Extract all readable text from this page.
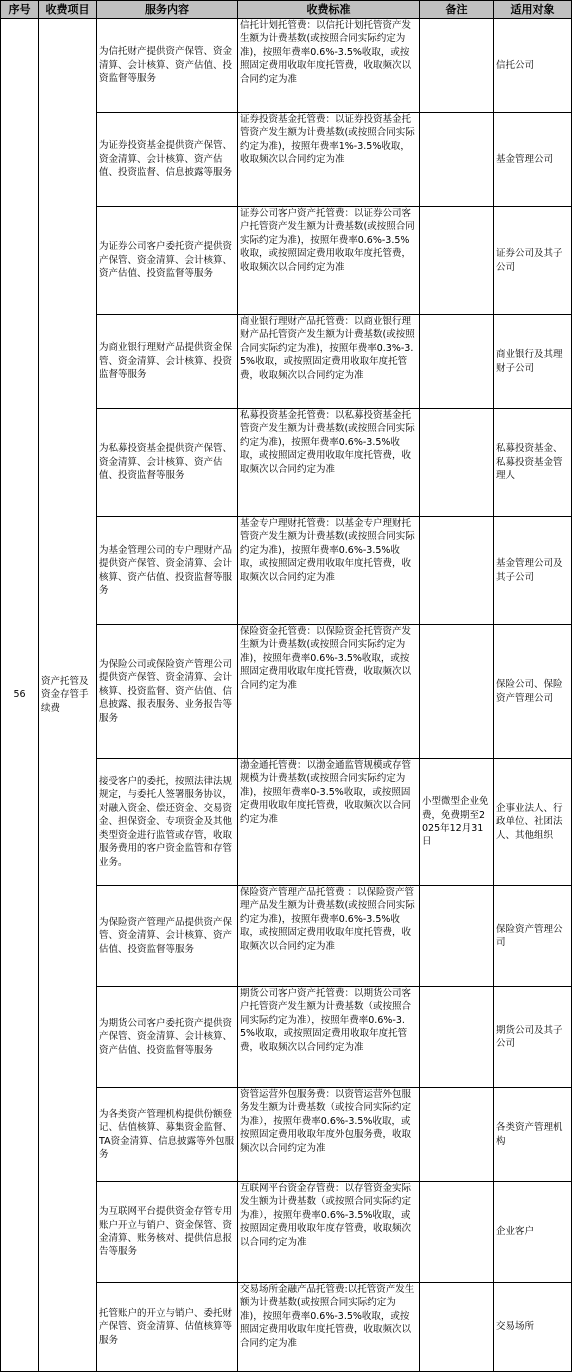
序号	收费项目	服务内容	收费标准	备注	适用对象
56	资产托管及资金存管手续费	为信托财产提供资产保管、资金清算、会计核算、资产估值、投资监督等服务	信托计划托管费：以信托计划托管资产发生额为计费基数(或按照合同实际约定为准)，按照年费率0.6%-3.5%收取，或按照固定费用收取年度托管费，收取频次以合同约定为准		信托公司
		为证券投资基金提供资产保管、资金清算、会计核算、资产估值、投资监督、信息披露等服务	证券投资基金托管费：以证券投资基金托管资产发生额为计费基数(或按照合同实际约定为准)，按照年费率1%-3.5%收取，收取频次以合同约定为准		基金管理公司
		为证券公司客户委托资产提供资产保管、资金清算、会计核算、资产估值、投资监督等服务	证券公司客户资产托管费：以证券公司客户托管资产发生额为计费基数(或按照合同实际约定为准)，按照年费率0.6%-3.5%收取，或按照固定费用收取年度托管费，收取频次以合同约定为准		证券公司及其子公司
		为商业银行理财产品提供资金保管、资金清算、会计核算、投资监督等服务	商业银行理财产品托管费：以商业银行理财产品托管资产发生额为计费基数(或按照合同实际约定为准)，按照年费率0.3%-3.5%收取，或按照固定费用收取年度托管费，收取频次以合同约定为准		商业银行及其理财子公司
		为私募投资基金提供资产保管、资金清算、会计核算、资产估值、投资监督等服务	私募投资基金托管费：以私募投资基金托管资产发生额为计费基数(或按照合同实际约定为准)，按照年费率0.6%-3.5%收取，或按照固定费用收取年度托管费，收取频次以合同约定为准		私募投资基金、私募投资基金管理人
		为基金管理公司的专户理财产品提供资产保管、资金清算、会计核算、资产估值、投资监督等服务	基金专户理财托管费：以基金专户理财托管资产发生额为计费基数(或按照合同实际约定为准)，按照年费率0.6%-3.5%收取，或按照固定费用收取年度托管费，收取频次以合同约定为准		基金管理公司及其子公司
		为保险公司或保险资产管理公司提供资产保管、资金清算、会计核算、投资监督、资产估值、信息披露、报表服务、业务报告等服务	保险资金托管费：以保险资金托管资产发生额为计费基数(或按照合同实际约定为准)，按照年费率0.6%-3.5%收取，或按照固定费用收取年度托管费，收取频次以合同约定为准		保险公司、保险资产管理公司
		接受客户的委托，按照法律法规规定，与委托人签署服务协议，对融入资金、偿还资金、交易资金、担保资金、专项资金及其他类型资金进行监管或存管，收取服务费用的客户资金监管和存管业务。	渤金通托管费：以渤金通监管规模或存管规模为计费基数(或按照合同实际约定为准)，按照年费率0-3.5%收取，或按照固定费用收取年度托管费，收取频次以合同约定为准	小型微型企业免费，免费期至2025年12月31日	企事业法人、行政单位、社团法人、其他组织
		为保险资产管理产品提供资产保管、资金清算、会计核算、资产估值、投资监督等服务	保险资产管理产品托管费 ：以保险资产管理产品发生额为计费基数(或按照合同实际约定为准)，按照年费率0.6%-3.5%收取，或按照固定费用收取年度托管费，收取频次以合同约定为准		保险资产管理公司
		为期货公司客户委托资产提供资产保管、资金清算、会计核算、资产估值、投资监督等服务	期货公司客户资产托管费：以期货公司客户托管资产发生额为计费基数（或按照合同实际约定为准），按照年费率0.6%-3.5%收取，或按照固定费用收取年度托管费，收取频次以合同约定为准		期货公司及其子公司
		为各类资产管理机构提供份额登记、估值核算、募集资金监督、TA资金清算、信息披露等外包服务	资管运营外包服务费：以资管运营外包服务发生额为计费基数（或按合同实际约定为准），按照年费率0.6%-3.5%收取，或按照固定费用收取年度外包服务费，收取频次以合同约定为准		各类资产管理机构
		为互联网平台提供资金存管专用账户开立与销户、资金保管、资金清算、账务核对、提供信息报告等服务	互联网平台资金存管费：以存管资金实际发生额为计费基数（或按照合同实际约定为准），按照年费率0.6%-3.5%收取，或按照固定费用收取年度存管费，收取频次以合同约定为准		企业客户
		托管账户的开立与销户、委托财产保管、资金清算、估值核算等服务	交易场所金融产品托管费:以托管资产发生额为计费基数(或按照合同实际约定为准)，按照年费率0.6%-3.5%收取，或按照固定费用收取年度托管费，收取频次以合同约定为准		交易场所
